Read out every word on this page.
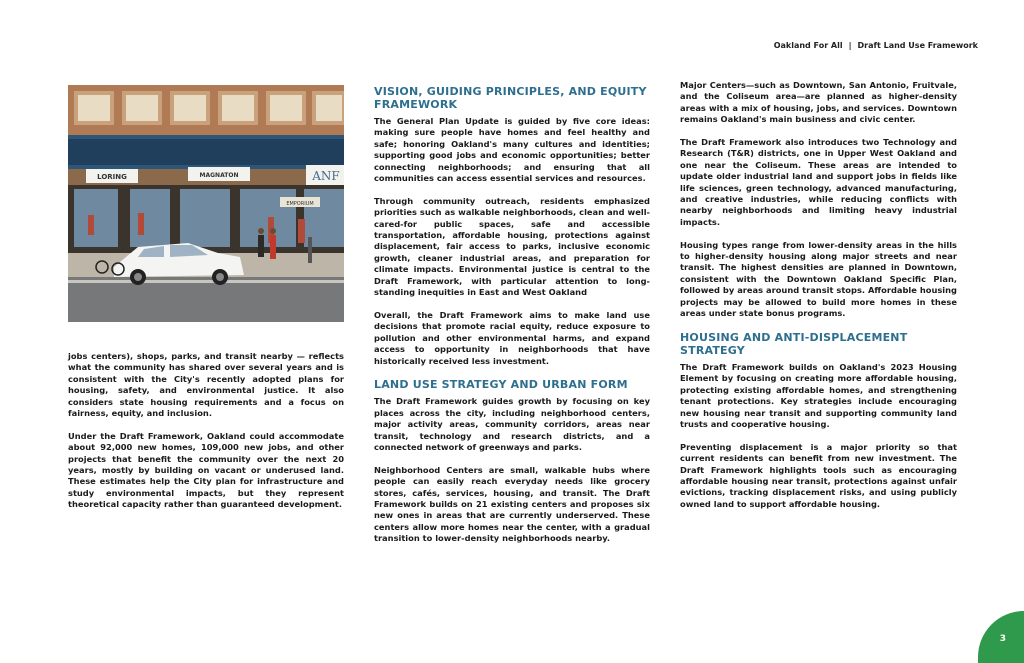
Oakland For All | Draft Land Use Framework
LORING	MAGNATON	ANF
EMPORIUM

jobs centers), shops, parks, and transit nearby — reflects what the community has shared over several years and is consistent with the City's recently adopted plans for housing, safety, and environmental justice. It also considers state housing requirements and a focus on fairness, equity, and inclusion.

Under the Draft Framework, Oakland could accommodate about 92,000 new homes, 109,000 new jobs, and other projects that benefit the community over the next 20 years, mostly by building on vacant or underused land. These estimates help the City plan for infrastructure and study environmental impacts, but they represent theoretical capacity rather than guaranteed development.

VISION, GUIDING PRINCIPLES, AND EQUITY FRAMEWORK

The General Plan Update is guided by five core ideas: making sure people have homes and feel healthy and safe; honoring Oakland's many cultures and identities; supporting good jobs and economic opportunities; better connecting neighborhoods; and ensuring that all communities can access essential services and resources.

Through community outreach, residents emphasized priorities such as walkable neighborhoods, clean and well-cared-for public spaces, safe and accessible transportation, affordable housing, protections against displacement, fair access to parks, inclusive economic growth, cleaner industrial areas, and preparation for climate impacts. Environmental justice is central to the Draft Framework, with particular attention to long-standing inequities in East and West Oakland

Overall, the Draft Framework aims to make land use decisions that promote racial equity, reduce exposure to pollution and other environmental harms, and expand access to opportunity in neighborhoods that have historically received less investment.

LAND USE STRATEGY AND URBAN FORM

The Draft Framework guides growth by focusing on key places across the city, including neighborhood centers, major activity areas, community corridors, areas near transit, technology and research districts, and a connected network of greenways and parks.

Neighborhood Centers are small, walkable hubs where people can easily reach everyday needs like grocery stores, cafés, services, housing, and transit. The Draft Framework builds on 21 existing centers and proposes six new ones in areas that are currently underserved. These centers allow more homes near the center, with a gradual transition to lower-density neighborhoods nearby.

Major Centers—such as Downtown, San Antonio, Fruitvale, and the Coliseum area—are planned as higher-density areas with a mix of housing, jobs, and services. Downtown remains Oakland's main business and civic center.

The Draft Framework also introduces two Technology and Research (T&R) districts, one in Upper West Oakland and one near the Coliseum. These areas are intended to update older industrial land and support jobs in fields like life sciences, green technology, advanced manufacturing, and creative industries, while reducing conflicts with nearby neighborhoods and limiting heavy industrial impacts.

Housing types range from lower-density areas in the hills to higher-density housing along major streets and near transit. The highest densities are planned in Downtown, consistent with the Downtown Oakland Specific Plan, followed by areas around transit stops. Affordable housing projects may be allowed to build more homes in these areas under state bonus programs.

HOUSING AND ANTI-DISPLACEMENT STRATEGY

The Draft Framework builds on Oakland's 2023 Housing Element by focusing on creating more affordable housing, protecting existing affordable homes, and strengthening tenant protections. Key strategies include encouraging new housing near transit and supporting community land trusts and cooperative housing.

Preventing displacement is a major priority so that current residents can benefit from new investment. The Draft Framework highlights tools such as encouraging affordable housing near transit, protections against unfair evictions, tracking displacement risks, and using publicly owned land to support affordable housing.

3
